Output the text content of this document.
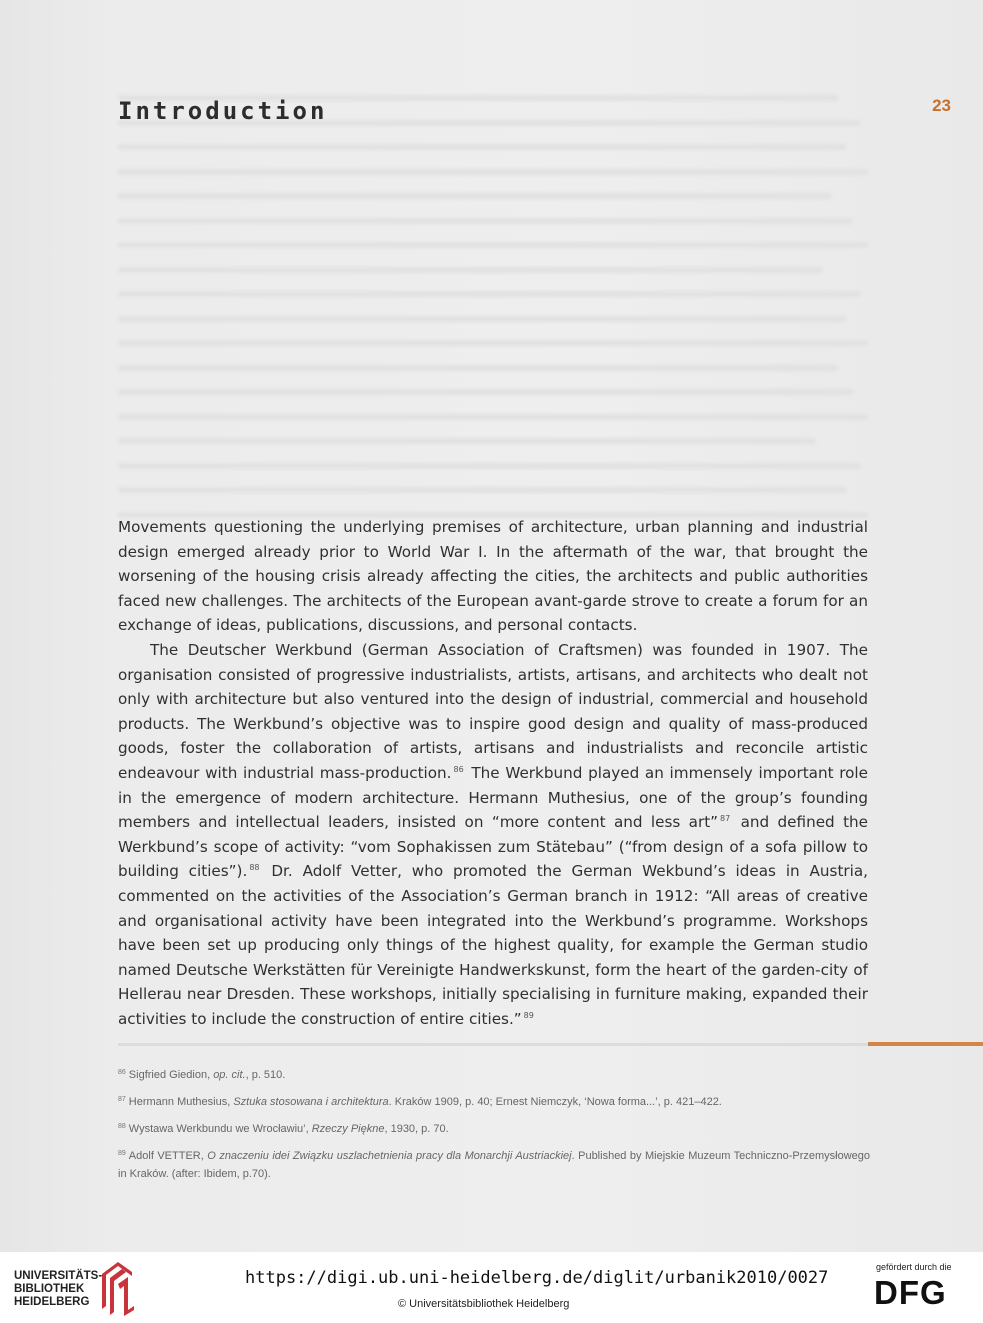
Introduction	23

Movements questioning the underlying premises of architecture, urban planning and industrial design emerged already prior to World War I. In the aftermath of the war, that brought the worsening of the housing crisis already affecting the cities, the architects and public authorities faced new challenges. The architects of the European avant-garde strove to create a forum for an exchange of ideas, publications, discussions, and personal contacts.

The Deutscher Werkbund (German Association of Craftsmen) was founded in 1907. The organisation consisted of progressive industrialists, artists, artisans, and architects who dealt not only with architecture but also ventured into the design of industrial, commercial and household products. The Werkbund’s objective was to inspire good design and quality of mass-produced goods, foster the collaboration of artists, artisans and industrialists and reconcile artistic endeavour with industrial mass-production. $^{86}$ The Werkbund played an immensely important role in the emergence of modern architecture. Hermann Muthesius, one of the group’s founding members and intellectual leaders, insisted on “more content and less art” $^{87}$ and defined the Werkbund’s scope of activity: “vom Sophakissen zum Stätebau” (“from design of a sofa pillow to building cities”). $^{88}$ Dr. Adolf Vetter, who promoted the German Wekbund’s ideas in Austria, commented on the activities of the Association’s German branch in 1912: “All areas of creative and organisational activity have been integrated into the Werkbund’s programme. Workshops have been set up producing only things of the highest quality, for example the German studio named Deutsche Werkstätten für Vereinigte Handwerkskunst, form the heart of the garden-city of Hellerau near Dresden. These workshops, initially specialising in furniture making, expanded their activities to include the construction of entire cities.” $^{89}$

$^{86}$ Sigfried Giedion, op. cit., p. 510.
$^{87}$ Hermann Muthesius, Sztuka stosowana i architektura. Kraków 1909, p. 40; Ernest Niemczyk, ‘Nowa forma...’, p. 421–422.
$^{88}$ Wystawa Werkbundu we Wrocławiu’, Rzeczy Piękne, 1930, p. 70.
$^{89}$ Adolf VETTER, O znaczeniu idei Związku uszlachetnienia pracy dla Monarchji Austriackiej. Published by Miejskie Muzeum Techniczno-Przemysłowego in Kraków. (after: Ibidem, p.70).
UNIVERSITÄTS-
BIBLIOTHEK
HEIDELBERG
https://digi.ub.uni-heidelberg.de/diglit/urbanik2010/0027
© Universitätsbibliothek Heidelberg
gefördert durch die
DFG
